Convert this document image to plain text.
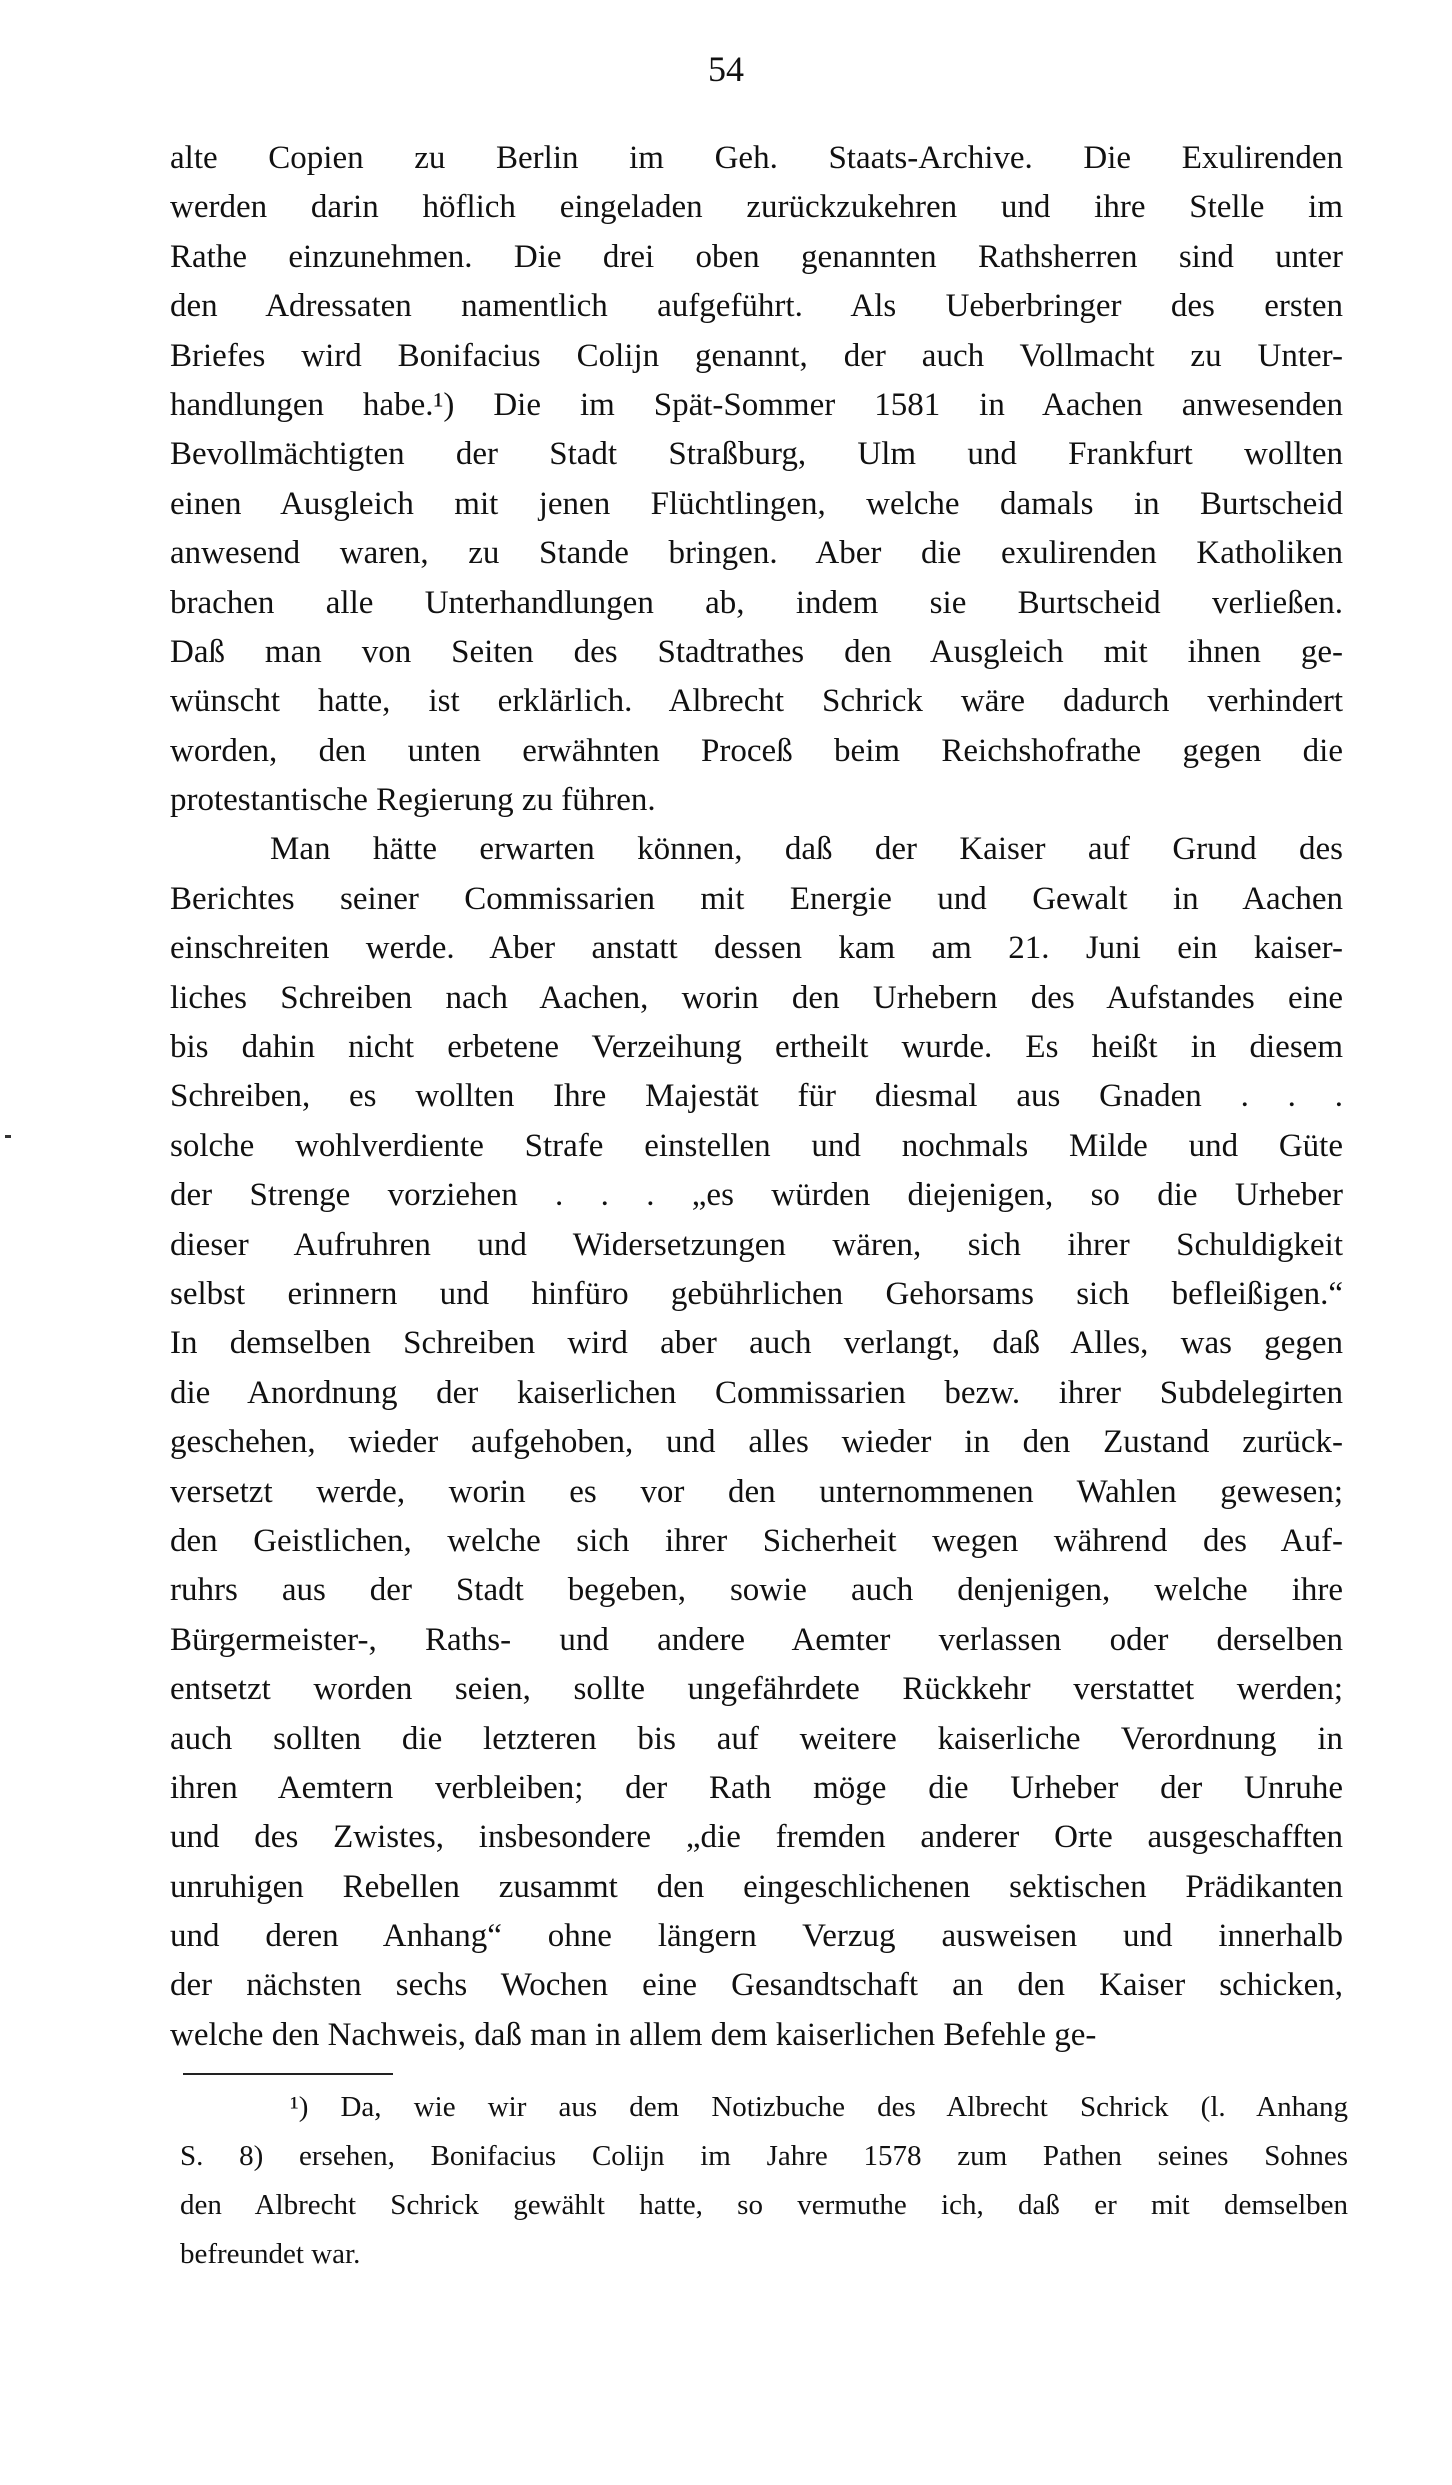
54
alte Copien zu Berlin im Geh. Staats-Archive. Die Exulirenden
werden darin höflich eingeladen zurückzukehren und ihre Stelle im
Rathe einzunehmen. Die drei oben genannten Rathsherren sind unter
den Adressaten namentlich aufgeführt. Als Ueberbringer des ersten
Briefes wird Bonifacius Colijn genannt, der auch Vollmacht zu Unter-
handlungen habe.¹) Die im Spät-Sommer 1581 in Aachen anwesenden
Bevollmächtigten der Stadt Straßburg, Ulm und Frankfurt wollten
einen Ausgleich mit jenen Flüchtlingen, welche damals in Burtscheid
anwesend waren, zu Stande bringen. Aber die exulirenden Katholiken
brachen alle Unterhandlungen ab, indem sie Burtscheid verließen.
Daß man von Seiten des Stadtrathes den Ausgleich mit ihnen ge-
wünscht hatte, ist erklärlich. Albrecht Schrick wäre dadurch verhindert
worden, den unten erwähnten Proceß beim Reichshofrathe gegen die
protestantische Regierung zu führen.
Man hätte erwarten können, daß der Kaiser auf Grund des
Berichtes seiner Commissarien mit Energie und Gewalt in Aachen
einschreiten werde. Aber anstatt dessen kam am 21. Juni ein kaiser-
liches Schreiben nach Aachen, worin den Urhebern des Aufstandes eine
bis dahin nicht erbetene Verzeihung ertheilt wurde. Es heißt in diesem
Schreiben, es wollten Ihre Majestät für diesmal aus Gnaden . . .
solche wohlverdiente Strafe einstellen und nochmals Milde und Güte
der Strenge vorziehen . . . „es würden diejenigen, so die Urheber
dieser Aufruhren und Widersetzungen wären, sich ihrer Schuldigkeit
selbst erinnern und hinfüro gebührlichen Gehorsams sich befleißigen.“
In demselben Schreiben wird aber auch verlangt, daß Alles, was gegen
die Anordnung der kaiserlichen Commissarien bezw. ihrer Subdelegirten
geschehen, wieder aufgehoben, und alles wieder in den Zustand zurück-
versetzt werde, worin es vor den unternommenen Wahlen gewesen;
den Geistlichen, welche sich ihrer Sicherheit wegen während des Auf-
ruhrs aus der Stadt begeben, sowie auch denjenigen, welche ihre
Bürgermeister-, Raths- und andere Aemter verlassen oder derselben
entsetzt worden seien, sollte ungefährdete Rückkehr verstattet werden;
auch sollten die letzteren bis auf weitere kaiserliche Verordnung in
ihren Aemtern verbleiben; der Rath möge die Urheber der Unruhe
und des Zwistes, insbesondere „die fremden anderer Orte ausgeschafften
unruhigen Rebellen zusammt den eingeschlichenen sektischen Prädikanten
und deren Anhang“ ohne längern Verzug ausweisen und innerhalb
der nächsten sechs Wochen eine Gesandtschaft an den Kaiser schicken,
welche den Nachweis, daß man in allem dem kaiserlichen Befehle ge-
¹) Da, wie wir aus dem Notizbuche des Albrecht Schrick (l. Anhang
S. 8) ersehen, Bonifacius Colijn im Jahre 1578 zum Pathen seines Sohnes
den Albrecht Schrick gewählt hatte, so vermuthe ich, daß er mit demselben
befreundet war.
